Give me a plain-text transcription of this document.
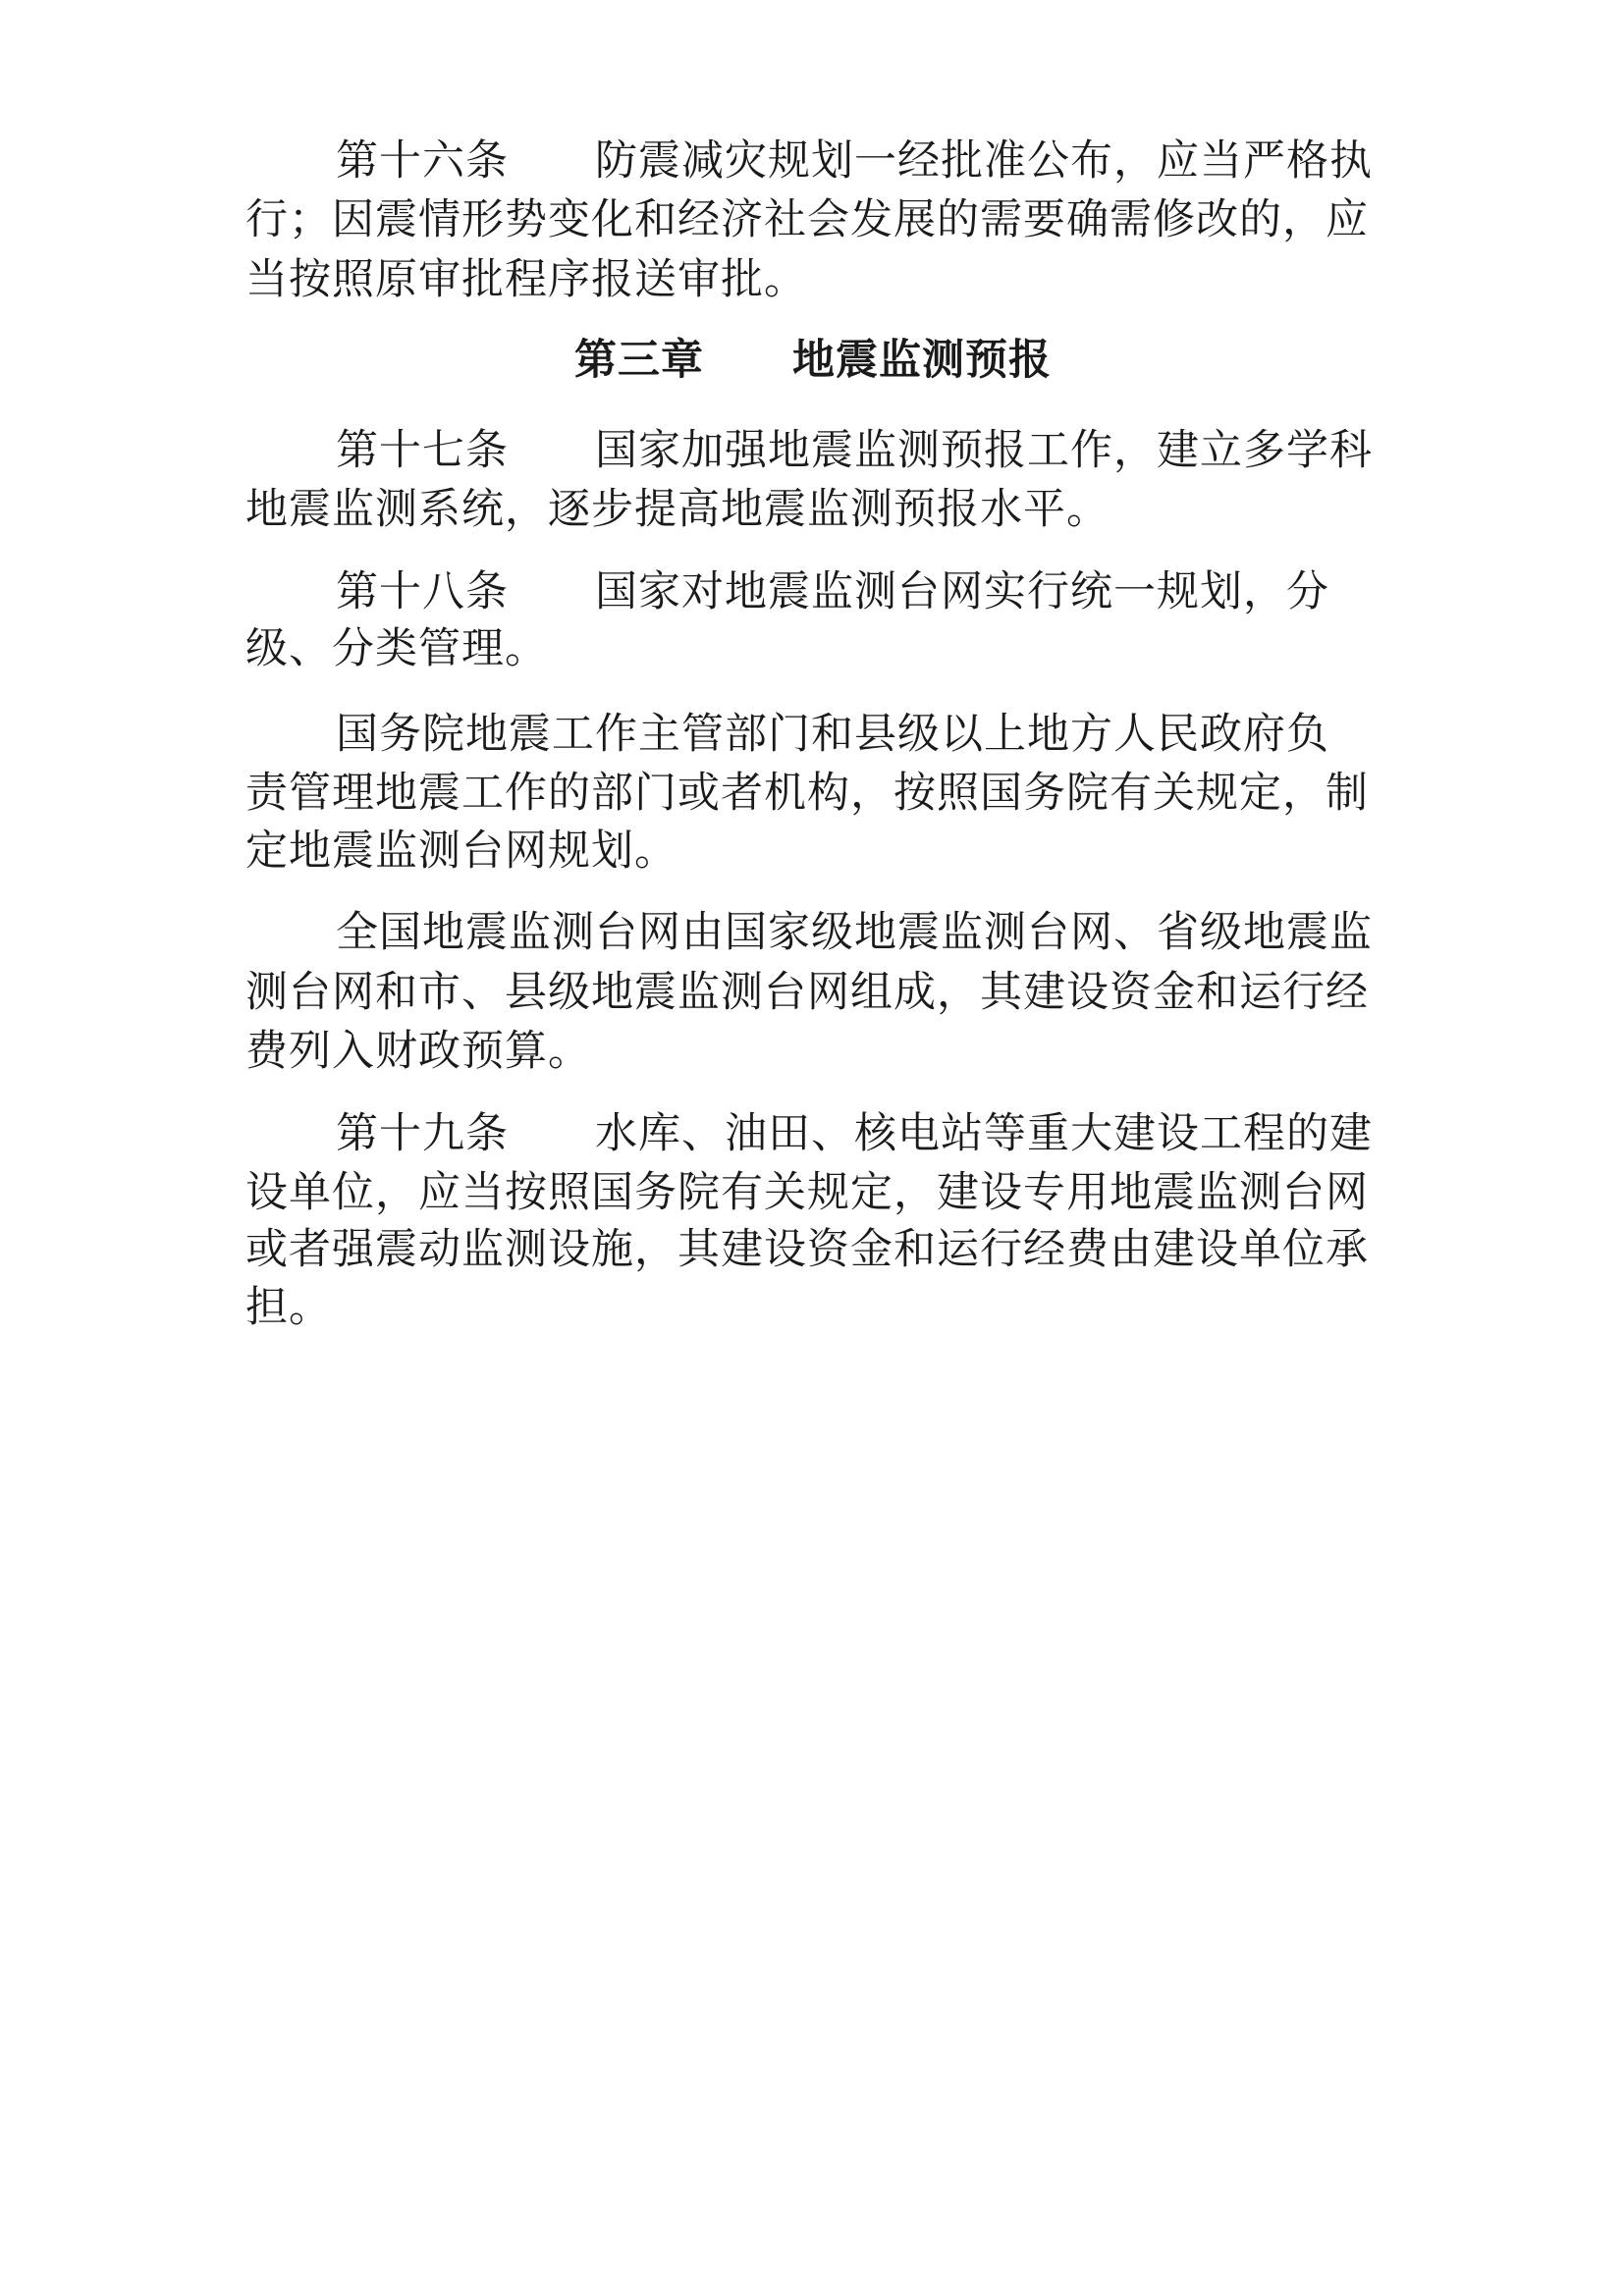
第十六条 防震减灾规划一经批准公布，应当严格执
行；因震情形势变化和经济社会发展的需要确需修改的，应
当按照原审批程序报送审批。
第三章 地震监测预报
第十七条 国家加强地震监测预报工作，建立多学科
地震监测系统，逐步提高地震监测预报水平。
第十八条 国家对地震监测台网实行统一规划，分
级、分类管理。
国务院地震工作主管部门和县级以上地方人民政府负
责管理地震工作的部门或者机构，按照国务院有关规定，制
定地震监测台网规划。
全国地震监测台网由国家级地震监测台网、省级地震监
测台网和市、县级地震监测台网组成，其建设资金和运行经
费列入财政预算。
第十九条 水库、油田、核电站等重大建设工程的建
设单位，应当按照国务院有关规定，建设专用地震监测台网
或者强震动监测设施，其建设资金和运行经费由建设单位承
担。
